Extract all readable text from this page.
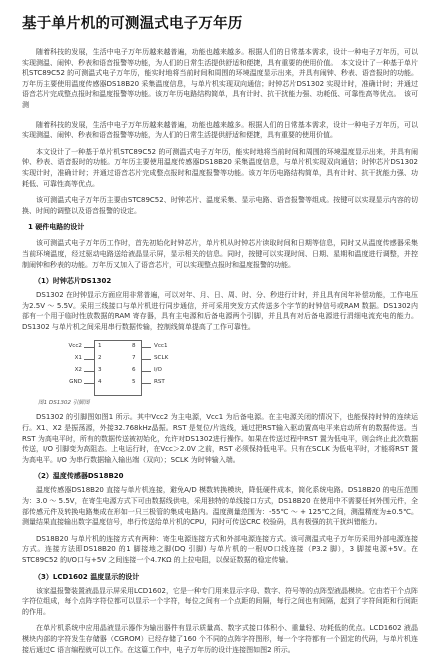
基于单片机的可测温式电子万年历

随着科技的发展，生活中电子万年历越来越普遍，功能也越来越多。根据人们的日常基本需求，设计一种电子万年历，可以实现测温、闹钟、秒表和语音报警等功能，为人们的日常生活提供舒适和便捷，具有重要的使用价值。　本文设计了一种基于单片机STC89C52 的可测温式电子万年历，能实时地将当前时间和周围的环境温度显示出来，并具有闹钟、秒表、语音报时的功能。万年历主要使用温度传感器DS18B20 采集温度信息，与单片机实现双向通信；时钟芯片DS1302 实现计时，准确计时；并通过语音芯片完成整点报时和温度报警等功能。该万年历电路结构简单，具有计时、抗干扰能力强、功耗低、可靠性高等优点。　该可测

随着科技的发展，生活中电子万年历越来越普遍，功能也越来越多。根据人们的日常基本需求，设计一种电子万年历，可以实现测温、闹钟、秒表和语音报警等功能，为人们的日常生活提供舒适和便捷，具有重要的使用价值。

本文设计了一种基于单片机STC89C52 的可测温式电子万年历，能实时地将当前时间和周围的环境温度显示出来，并具有闹钟、秒表、语音报时的功能。万年历主要使用温度传感器DS18B20 采集温度信息，与单片机实现双向通信；时钟芯片DS1302 实现计时，准确计时；并通过语音芯片完成整点报时和温度报警等功能。该万年历电路结构简单，具有计时、抗干扰能力强、功耗低、可靠性高等优点。

该可测温式电子万年历主要由STC89C52、时钟芯片、温度采集、显示电路、语音报警等组成。按键可以实现显示内容的切换、时间的调整以及语音报警的设定。

1 硬件电路的设计

该可测温式电子万年历工作时，首先初始化时钟芯片，单片机从时钟芯片读取时间和日期等信息，同时又从温度传感器采集当前环境温度，经过驱动电路送给液晶显示屏，显示相关的信息。同时，按键可以实现时间、日期、星期和温度进行调整，并控制闹钟和秒表的功能。万年历又加入了语音芯片，可以实现整点报时和温度报警的功能。

（1）时钟芯片DS1302

DS1302 在时钟显示方面应用非常普遍，可以对年、月、日、周、时、分、秒进行计时，并且具有闰年补偿功能，工作电压为2.5V ～ 5.5V。采用三线接口与单片机进行同步通信，并可采用突发方式传送多个字节的时钟信号或RAM 数据。DS1302内部有一个用于临时性放数据的RAM 寄存器，具有主电源和后备电源两个引脚，并且具有对后备电源进行涓细电流充电的能力。DS1302 与单片机之间采用串行数据传输，控制线简单提高了工作可靠性。

Vcc2
X1
X2
GND
1
2
3
4
8
7
6
5
Vcc1
SCLK
I/O
RST
图1 DS1302 引脚图

DS1302 的引脚图如图1 所示。其中Vcc2 为主电源，Vcc1 为后备电源。在主电源关闭的情况下，也能保持时钟的连续运行。X1、X2 是振荡源，外接32.768kHz晶振。RST 是复位/片选线，通过把RST输入驱动置高电平来启动所有的数据传送。当RST 为高电平时，所有的数据传送被初始化，允许对DS1302进行操作。如果在传送过程中RST 置为低电平，则会终止此次数据传送，I/O 引脚变为高阻态。上电运行时，在Vcc＞2.0V 之前，RST 必须保持低电平。只有在SCLK 为低电平时，才能将RST 置为高电平。I/O 为串行数据输入输出端（双向）；SCLK 为时钟输入端。

（2）温度传感器DS18B20

温度传感器DS18B20 直接与单片机连接，避免A/D 模数转换模块，降低硬件成本，简化系统电路。DS18B20 的电压范围为：3.0 ～ 5.5V，在寄生电源方式下可由数据线供电，采用独特的单线接口方式，DS18B20 在使用中不需要任何外围元件，全部传感元件及转换电路集成在形如一只三极管的集成电路内。温度测量范围为：-55℃ ～ + 125℃之间，测温精度为±0.5℃。测量结果直接输出数字温度信号，串行传送给单片机的CPU，同时可传送CRC 校验码，具有极强的抗干扰纠错能力。

DS18B20 与单片机的连接方式有两种：寄生电源连接方式和外部电源连接方式。该可测温式电子万年历采用外部电源连接方式。连接方法即DS18B20 的1 脚接地之脚(DQ 引脚) 与单片机的一根I/O口线连接（P3.2 脚），3 脚接电源+5V。在STC89C52 的I/O口与+5V 之间连接一个4.7KΩ 的上拉电阻，以保证数据的稳定传输。

（3）LCD1602 温度显示的设计

该家温报警装置液晶显示屏采用LCD1602，它是一种专门用来显示字母、数字、符号等的点阵型液晶模块。它由若干个点阵字符位组成，每个点阵字符位都可以显示一个字符，每位之间有一个点距的间隔，每行之间也有间隔，起到了字符间距和行间距的作用。

在单片机系统中应用晶液显示器作为输出器件有显示质量高、数字式接口体积小、重量轻、功耗低的优点。LCD1602 液晶模块内部的字符发生存储器（CGROM）已经存储了160 个不同的点阵字符图形，每一个字符都有一个固定的代码，与单片机连接后通过C 语言编程就可以工作。在这篇工作中，电子万年历的设计连接图如图2 所示。
